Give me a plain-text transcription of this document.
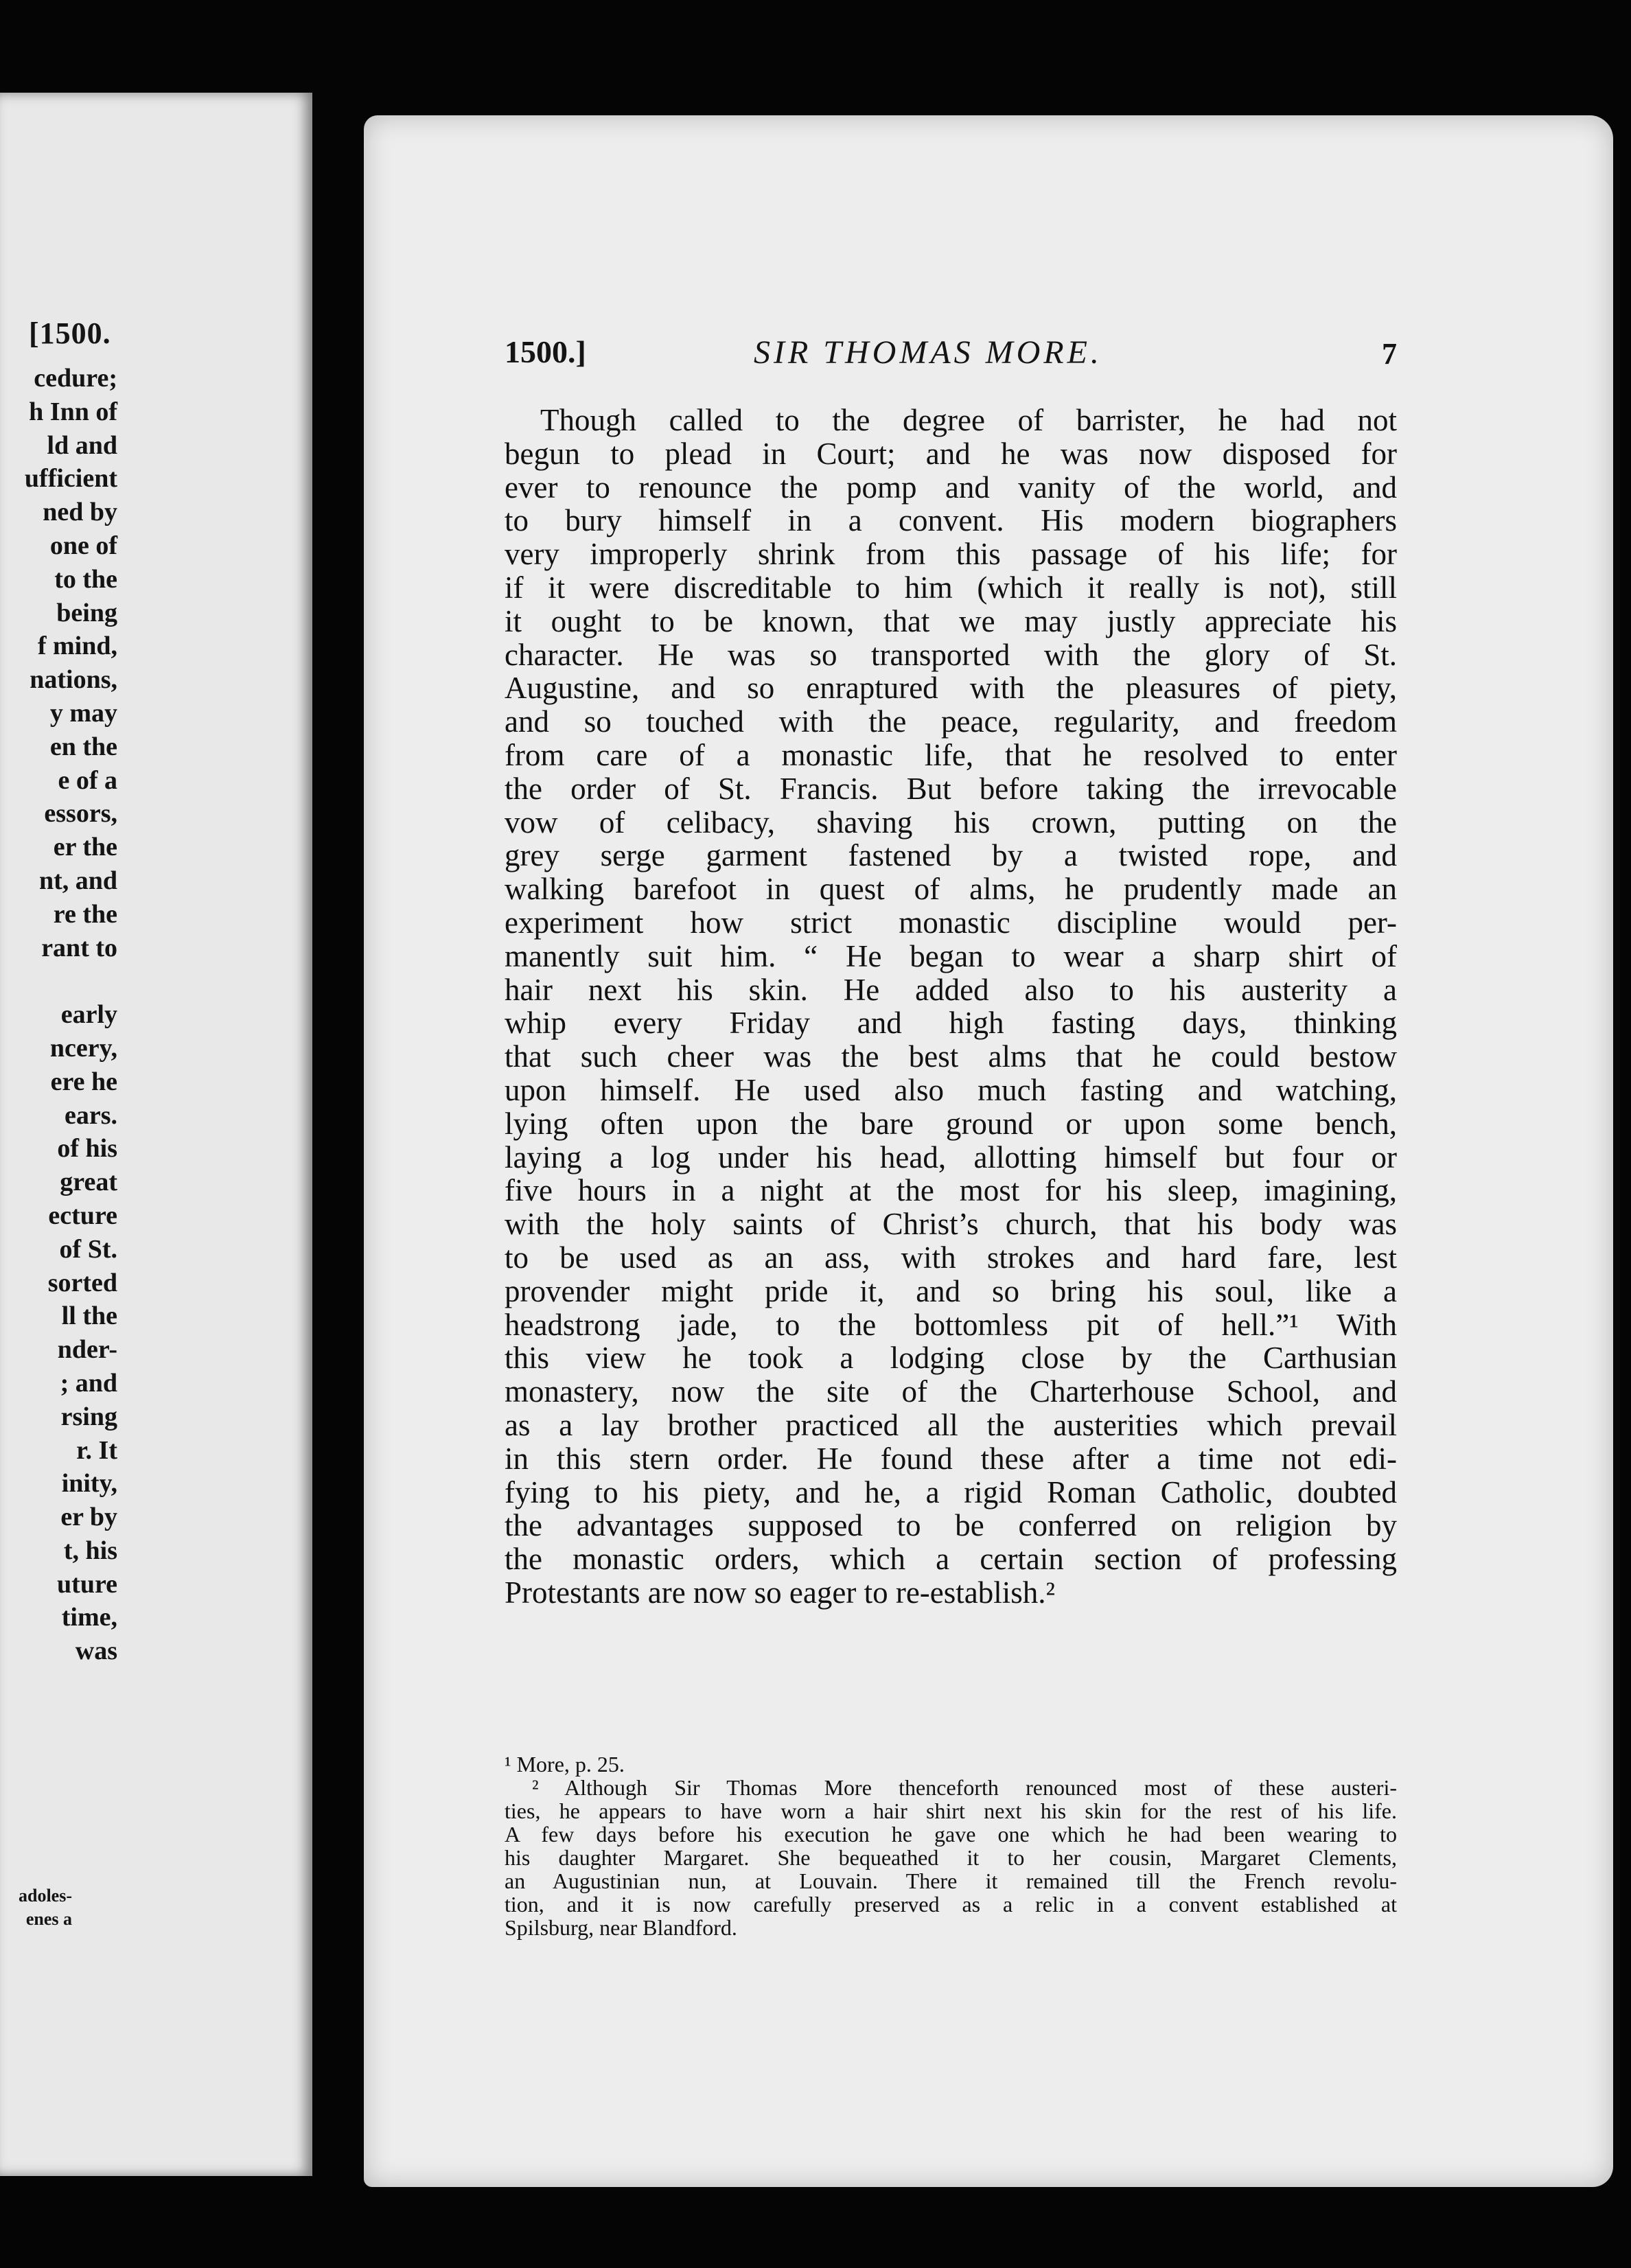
[1500.
cedure;
h Inn of
ld and
ufficient
ned by
one of
to the
being
f mind,
nations,
y may
en the
e of a
essors,
er the
nt, and
re the
rant to
early
ncery,
ere he
ears.
of his
great
ecture
of St.
sorted
ll the
nder-
; and
rsing
r. It
inity,
er by
t, his
uture
time,
was
adoles-
enes a
1500.]	SIR THOMAS MORE.	7
Though called to the degree of barrister, he had not
begun to plead in Court; and he was now disposed for
ever to renounce the pomp and vanity of the world, and
to bury himself in a convent. His modern biographers
very improperly shrink from this passage of his life; for
if it were discreditable to him (which it really is not), still
it ought to be known, that we may justly appreciate his
character. He was so transported with the glory of St.
Augustine, and so enraptured with the pleasures of piety,
and so touched with the peace, regularity, and freedom
from care of a monastic life, that he resolved to enter
the order of St. Francis. But before taking the irrevocable
vow of celibacy, shaving his crown, putting on the
grey serge garment fastened by a twisted rope, and
walking barefoot in quest of alms, he prudently made an
experiment how strict monastic discipline would per-
manently suit him. “ He began to wear a sharp shirt of
hair next his skin. He added also to his austerity a
whip every Friday and high fasting days, thinking
that such cheer was the best alms that he could bestow
upon himself. He used also much fasting and watching,
lying often upon the bare ground or upon some bench,
laying a log under his head, allotting himself but four or
five hours in a night at the most for his sleep, imagining,
with the holy saints of Christ’s church, that his body was
to be used as an ass, with strokes and hard fare, lest
provender might pride it, and so bring his soul, like a
headstrong jade, to the bottomless pit of hell.”¹ With
this view he took a lodging close by the Carthusian
monastery, now the site of the Charterhouse School, and
as a lay brother practiced all the austerities which prevail
in this stern order. He found these after a time not edi-
fying to his piety, and he, a rigid Roman Catholic, doubted
the advantages supposed to be conferred on religion by
the monastic orders, which a certain section of professing
Protestants are now so eager to re-establish.²
¹ More, p. 25.
² Although Sir Thomas More thenceforth renounced most of these austeri-
ties, he appears to have worn a hair shirt next his skin for the rest of his life.
A few days before his execution he gave one which he had been wearing to
his daughter Margaret. She bequeathed it to her cousin, Margaret Clements,
an Augustinian nun, at Louvain. There it remained till the French revolu-
tion, and it is now carefully preserved as a relic in a convent established at
Spilsburg, near Blandford.
